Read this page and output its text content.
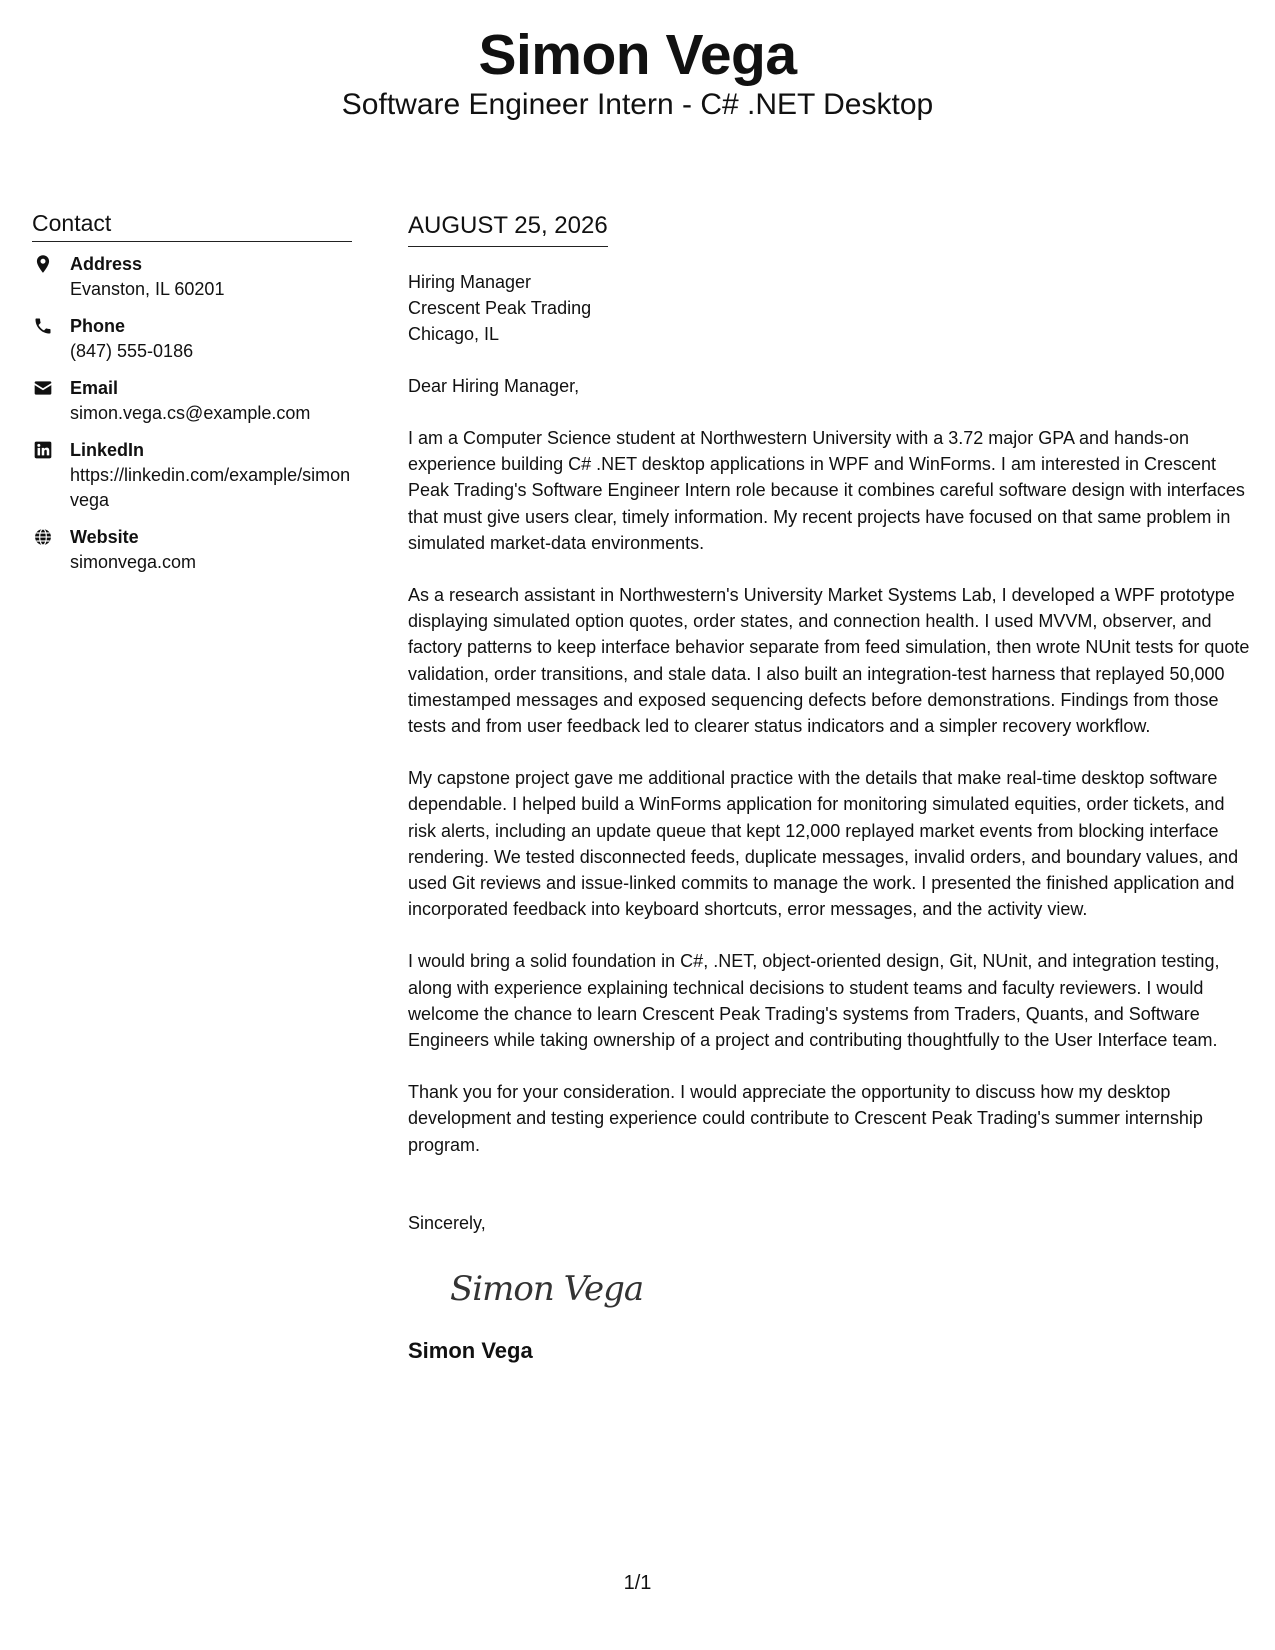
Simon Vega
Software Engineer Intern - C# .NET Desktop
Contact
Address
Evanston, IL 60201
Phone
(847) 555-0186
Email
simon.vega.cs@example.com
LinkedIn
https://linkedin.com/example/simonvega
Website
simonvega.com
AUGUST 25, 2026
Hiring Manager
Crescent Peak Trading
Chicago, IL
Dear Hiring Manager,
I am a Computer Science student at Northwestern University with a 3.72 major GPA and hands-on experience building C# .NET desktop applications in WPF and WinForms. I am interested in Crescent Peak Trading's Software Engineer Intern role because it combines careful software design with interfaces that must give users clear, timely information. My recent projects have focused on that same problem in simulated market-data environments.
As a research assistant in Northwestern's University Market Systems Lab, I developed a WPF prototype displaying simulated option quotes, order states, and connection health. I used MVVM, observer, and factory patterns to keep interface behavior separate from feed simulation, then wrote NUnit tests for quote validation, order transitions, and stale data. I also built an integration-test harness that replayed 50,000 timestamped messages and exposed sequencing defects before demonstrations. Findings from those tests and from user feedback led to clearer status indicators and a simpler recovery workflow.
My capstone project gave me additional practice with the details that make real-time desktop software dependable. I helped build a WinForms application for monitoring simulated equities, order tickets, and risk alerts, including an update queue that kept 12,000 replayed market events from blocking interface rendering. We tested disconnected feeds, duplicate messages, invalid orders, and boundary values, and used Git reviews and issue-linked commits to manage the work. I presented the finished application and incorporated feedback into keyboard shortcuts, error messages, and the activity view.
I would bring a solid foundation in C#, .NET, object-oriented design, Git, NUnit, and integration testing, along with experience explaining technical decisions to student teams and faculty reviewers. I would welcome the chance to learn Crescent Peak Trading's systems from Traders, Quants, and Software Engineers while taking ownership of a project and contributing thoughtfully to the User Interface team.
Thank you for your consideration. I would appreciate the opportunity to discuss how my desktop development and testing experience could contribute to Crescent Peak Trading's summer internship program.
Sincerely,
Simon Vega
Simon Vega
1/1
